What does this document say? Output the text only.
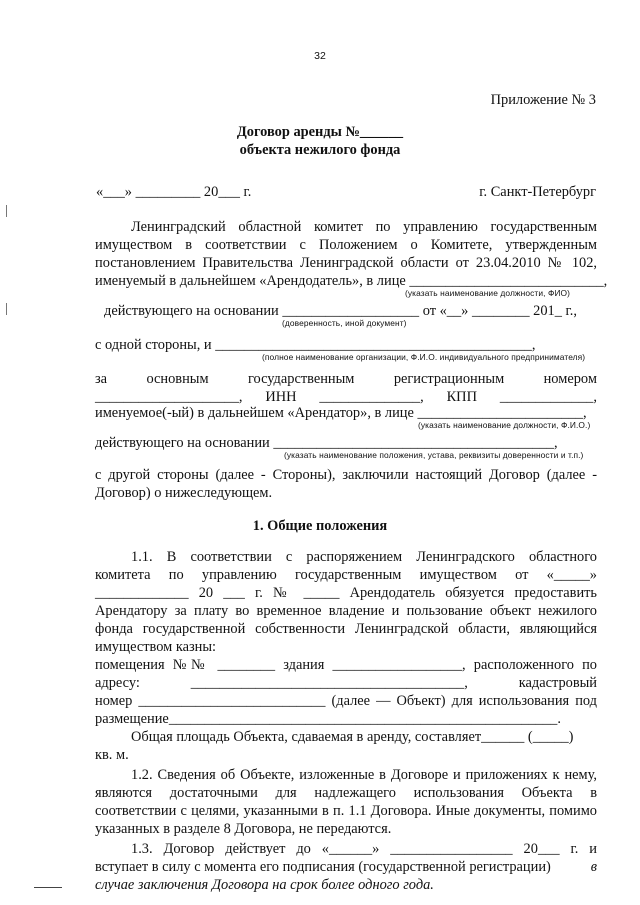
32
Приложение № 3
Договор аренды №______
объекта нежилого фонда
«___» _________ 20___ г.	г. Санкт-Петербург
Ленинградский областной комитет по управлению государственным
имуществом в соответствии с Положением о Комитете, утвержденным
постановлением Правительства Ленинградской области от 23.04.2010 № 102,
именуемый в дальнейшем «Арендодатель», в лице ___________________________,
(указать наименование должности, ФИО)
действующего на основании ___________________ от «__» ________ 201_ г.,
(доверенность, иной документ)
с одной стороны, и ____________________________________________,
(полное наименование организации, Ф.И.О. индивидуального предпринимателя)
за	основным	государственным	регистрационным	номером
____________________, ИНН ______________, КПП _____________,
именуемое(-ый) в дальнейшем «Арендатор», в лице _______________________,
(указать наименование должности, Ф.И.О.)
действующего на основании _______________________________________,
(указать наименование положения, устава, реквизиты доверенности и т.п.)
с другой стороны (далее - Стороны), заключили настоящий Договор (далее -
Договор) о нижеследующем.
1. Общие положения
1.1. В соответствии с распоряжением Ленинградского областного
комитета по управлению государственным имуществом от «_____»
_____________ 20 ___ г. № _____ Арендодатель обязуется предоставить
Арендатору за плату во временное владение и пользование объект нежилого
фонда государственной собственности Ленинградской области, являющийся
имуществом казны:
помещения №№ ________ здания __________________, расположенного по
адресу: ______________________________________, кадастровый
номер __________________________ (далее — Объект) для использования под
размещение______________________________________________________.
Общая площадь Объекта, сдаваемая в аренду, составляет______ (_____)
кв. м.
1.2. Сведения об Объекте, изложенные в Договоре и приложениях к нему,
являются достаточными для надлежащего использования Объекта в
соответствии с целями, указанными в п. 1.1 Договора. Иные документы, помимо
указанных в разделе 8 Договора, не передаются.
1.3. Договор действует до «______» _________________ 20___ г. и
вступает в силу с момента его подписания (государственной регистрации)	в
случае заключения Договора на срок более одного года.
